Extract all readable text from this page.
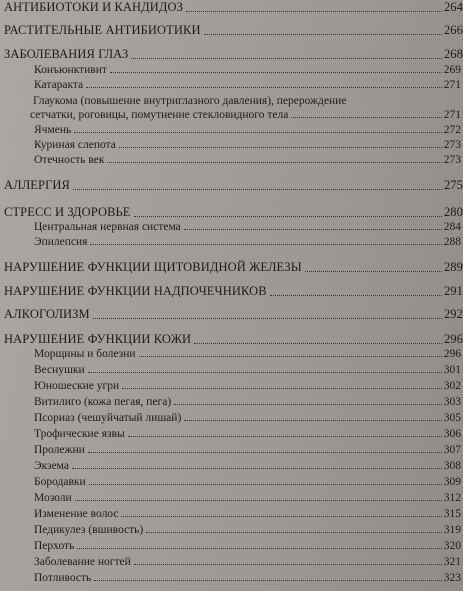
АНТИБИОТОКИ И КАНДИДОЗ	264
РАСТИТЕЛЬНЫЕ АНТИБИОТИКИ	266
ЗАБОЛЕВАНИЯ ГЛАЗ	268
Конъюнктивит	269
Катаракта	271
Глаукома (повышение внутриглазного давления), перерождение
сетчатки, роговицы, помутнение стекловидного тела	271
Ячмень	272
Куриная слепота	273
Отечность век	273
АЛЛЕРГИЯ	275
СТРЕСС И ЗДОРОВЬЕ	280
Центральная нервная система	284
Эпилепсия	288
НАРУШЕНИЕ ФУНКЦИИ ЩИТОВИДНОЙ ЖЕЛЕЗЫ	289
НАРУШЕНИЕ ФУНКЦИИ НАДПОЧЕЧНИКОВ	291
АЛКОГОЛИЗМ	292
НАРУШЕНИЕ ФУНКЦИИ КОЖИ	296
Морщины и болезни	296
Веснушки	301
Юношеские угри	302
Витилиго (кожа пегая, пега)	303
Псориаз (чешуйчатый лишай)	305
Трофические язвы	306
Пролежни	307
Экзема	308
Бородавки	309
Мозоли	312
Изменение волос	315
Педикулез (вшивость)	319
Перхоть	320
Заболевание ногтей	321
Потливость	323
